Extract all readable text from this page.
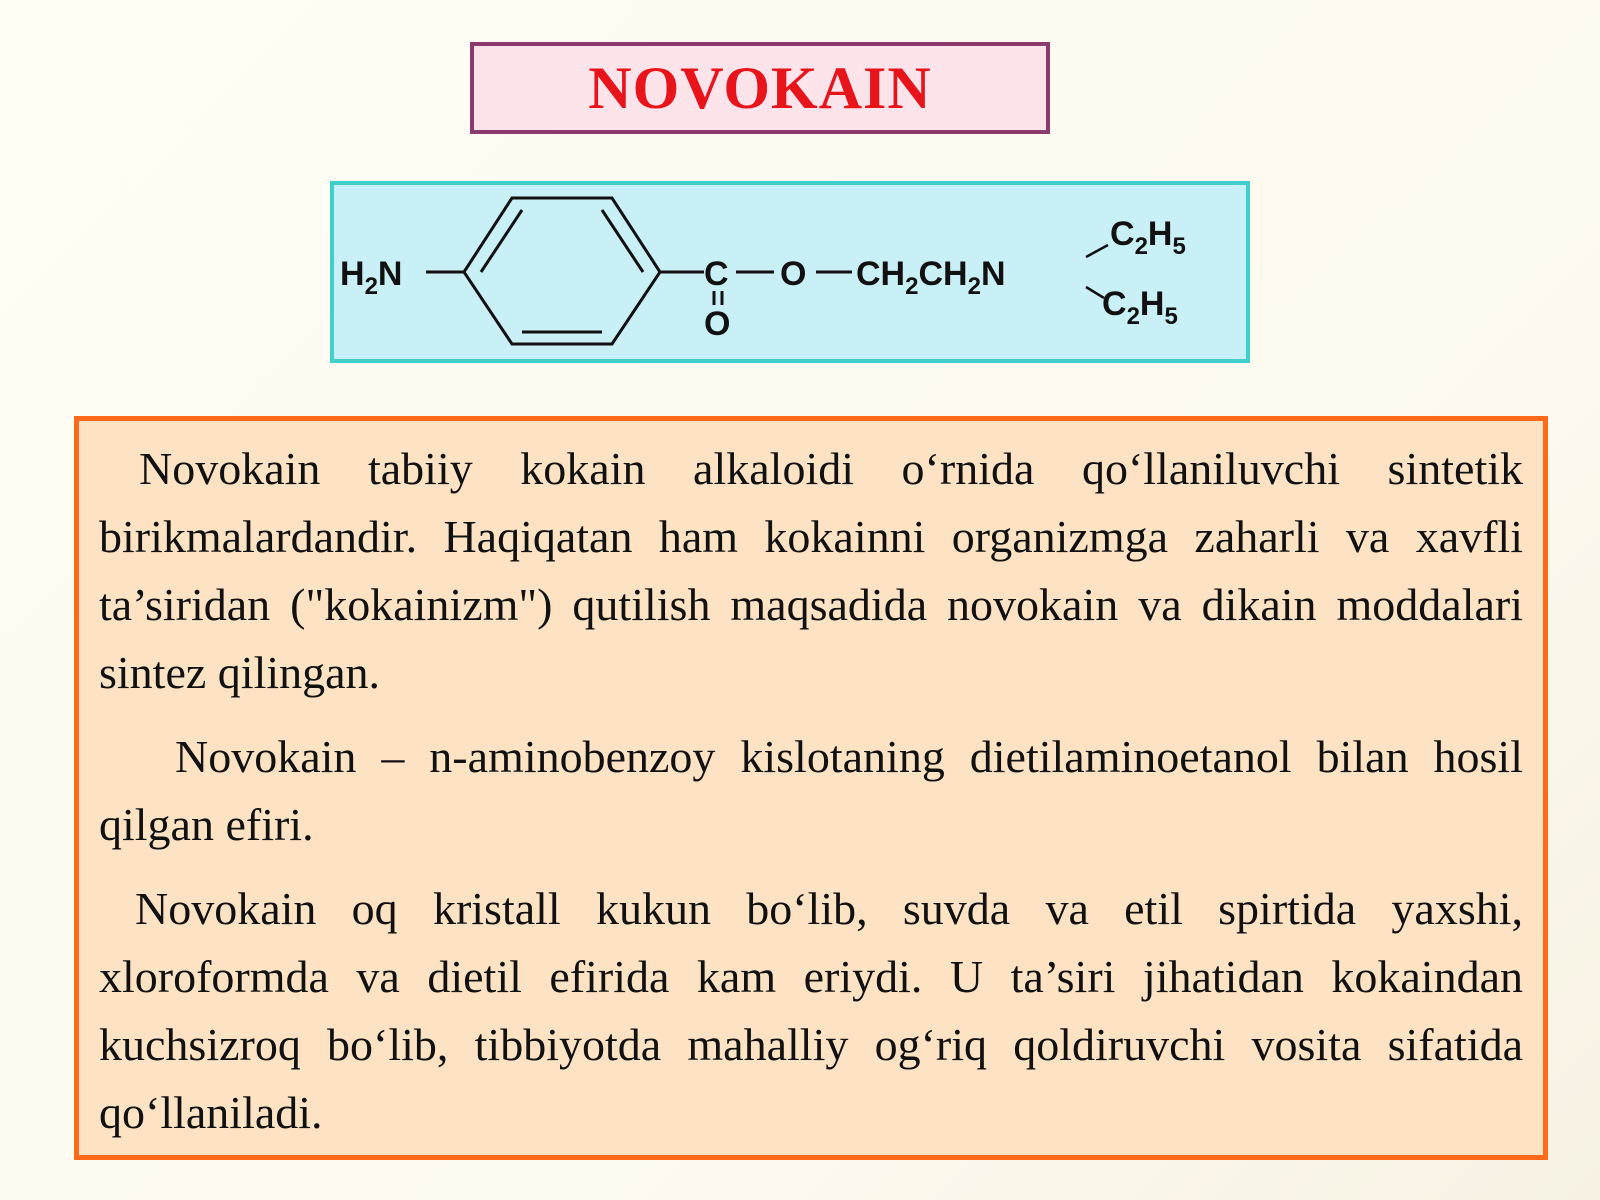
NOVOKAIN
$H_2N$	C
O
O $CH_2CH_2N$
$C_2H_5$
$C_2H_5$

Novokain tabiiy kokain alkaloidi o‘rnida qo‘llaniluvchi sintetik birikmalardandir. Haqiqatan ham kokainni organizmga zaharli va xavfli ta’siridan ("kokainizm") qutilish maqsadida novokain va dikain moddalari sintez qilingan.

Novokain – n-aminobenzoy kislotaning dietilaminoetanol bilan hosil qilgan efiri.

Novokain oq kristall kukun bo‘lib, suvda va etil spirtida yaxshi, xloroformda va dietil efirida kam eriydi. U ta’siri jihatidan kokaindan kuchsizroq bo‘lib, tibbiyotda mahalliy og‘riq qoldiruvchi vosita sifatida qo‘llaniladi.
